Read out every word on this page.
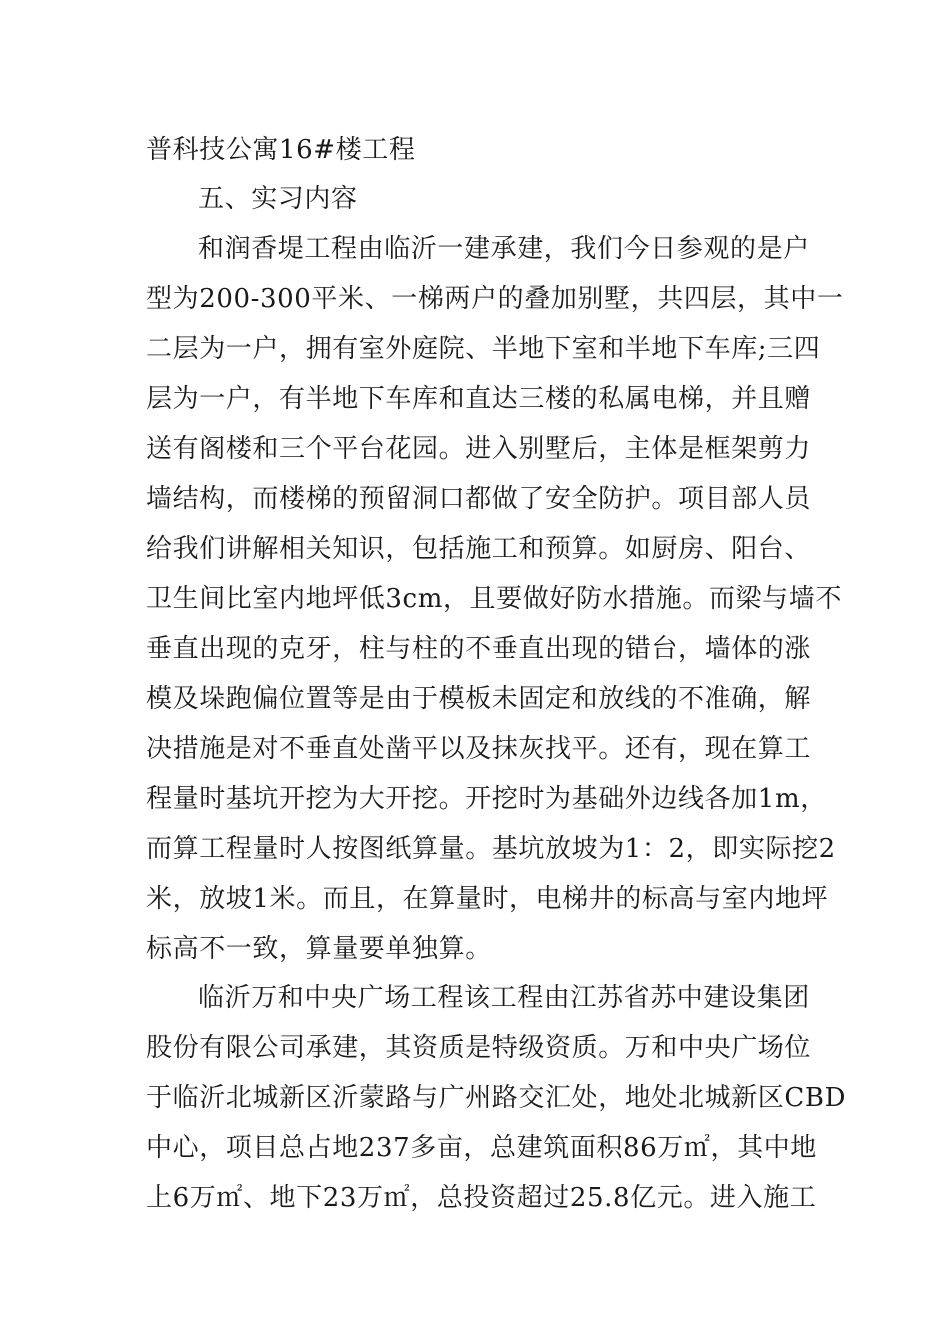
普科技公寓16#楼工程
五、实习内容
和润香堤工程由临沂一建承建，我们今日参观的是户
型为200-300平米、一梯两户的叠加别墅，共四层，其中一
二层为一户，拥有室外庭院、半地下室和半地下车库;三四
层为一户，有半地下车库和直达三楼的私属电梯，并且赠
送有阁楼和三个平台花园。进入别墅后，主体是框架剪力
墙结构，而楼梯的预留洞口都做了安全防护。项目部人员
给我们讲解相关知识，包括施工和预算。如厨房、阳台、
卫生间比室内地坪低3cm，且要做好防水措施。而梁与墙不
垂直出现的克牙，柱与柱的不垂直出现的错台，墙体的涨
模及垛跑偏位置等是由于模板未固定和放线的不准确，解
决措施是对不垂直处凿平以及抹灰找平。还有，现在算工
程量时基坑开挖为大开挖。开挖时为基础外边线各加1m，
而算工程量时人按图纸算量。基坑放坡为1：2，即实际挖2
米，放坡1米。而且，在算量时，电梯井的标高与室内地坪
标高不一致，算量要单独算。
临沂万和中央广场工程该工程由江苏省苏中建设集团
股份有限公司承建，其资质是特级资质。万和中央广场位
于临沂北城新区沂蒙路与广州路交汇处，地处北城新区CBD
中心，项目总占地237多亩，总建筑面积86万㎡，其中地
上6万㎡、地下23万㎡，总投资超过25.8亿元。进入施工
